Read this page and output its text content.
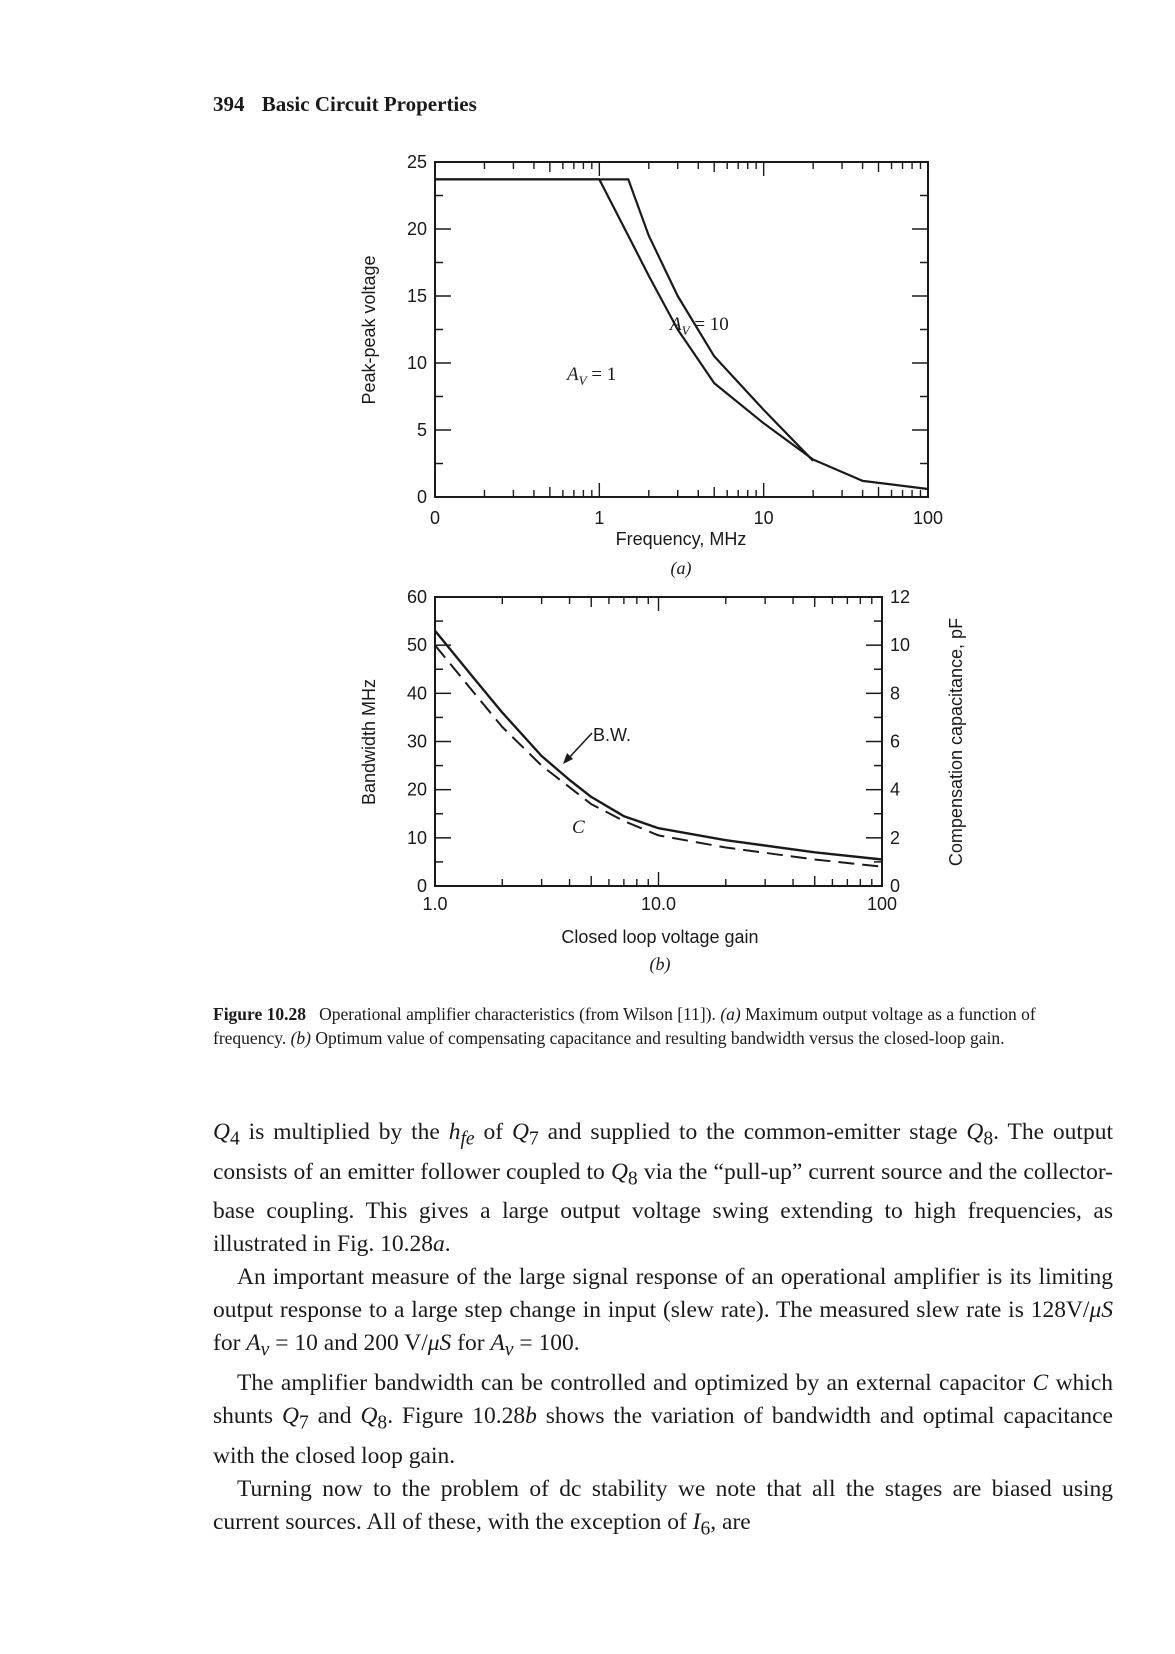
394 Basic Circuit Properties
0
5
10
15
20
25
0	1	10	100
Frequency, MHz
Peak-peak voltage
(a)
$A_V = 10$
$A_V = 1$
0
10
20
30
40
50
60
0
2
4
6
8
10
12
1.0	10.0	100
Closed loop voltage gain
Bandwidth MHz	Compensation capacitance, pF
(b)
B.W.
C
Figure 10.28 Operational amplifier characteristics (from Wilson [11]). (a) Maximum output voltage as a function of frequency. (b) Optimum value of compensating capacitance and resulting bandwidth versus the closed-loop gain.

$Q_4$ is multiplied by the $h_{fe}$ of $Q_7$ and supplied to the common-emitter stage $Q_8$. The output consists of an emitter follower coupled to $Q_8$ via the “pull-up” current source and the collector-base coupling. This gives a large output voltage swing extending to high frequencies, as illustrated in Fig. 10.28a.

An important measure of the large signal response of an operational amplifier is its limiting output response to a large step change in input (slew rate). The measured slew rate is 128V/μS for $A_v = 10$ and 200 V/μS for $A_v = 100$.

The amplifier bandwidth can be controlled and optimized by an external capacitor C which shunts $Q_7$ and $Q_8$. Figure 10.28b shows the variation of bandwidth and optimal capacitance with the closed loop gain.

Turning now to the problem of dc stability we note that all the stages are biased using current sources. All of these, with the exception of $I_6$, are
